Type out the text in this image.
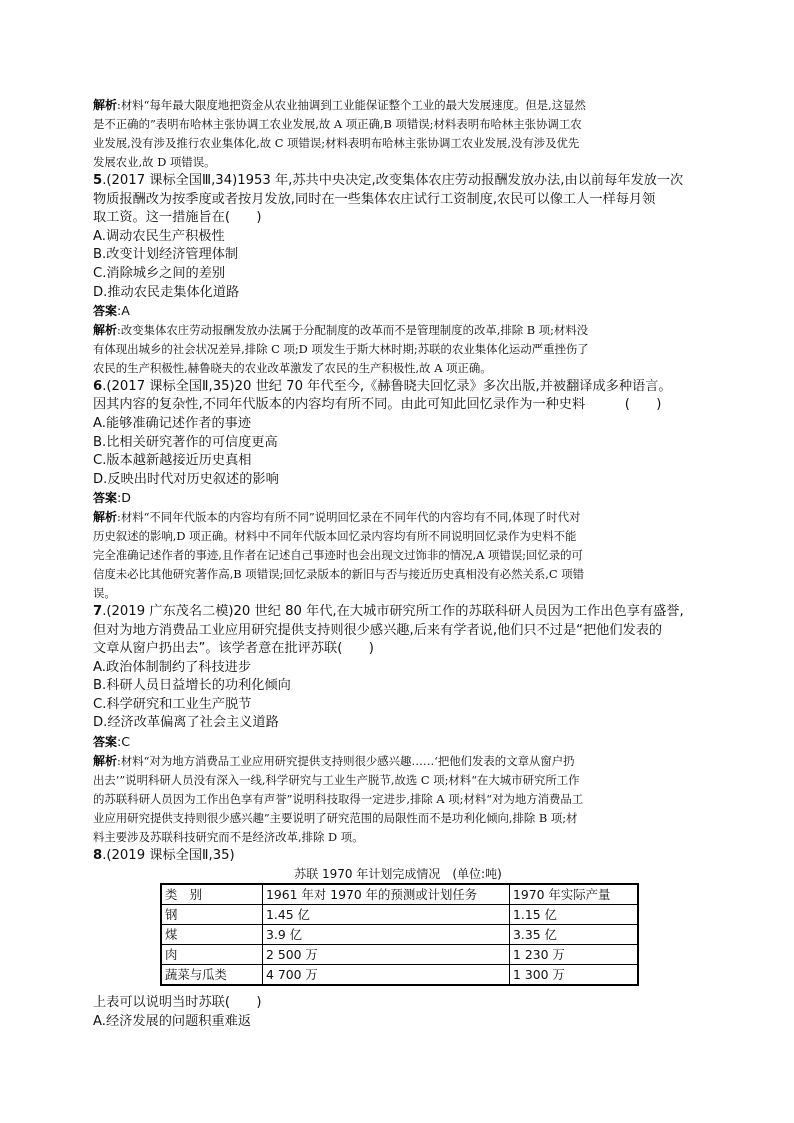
解析:材料“每年最大限度地把资金从农业抽调到工业能保证整个工业的最大发展速度。但是,这显然
是不正确的”表明布哈林主张协调工农业发展,故 A 项正确,B 项错误;材料表明布哈林主张协调工农
业发展,没有涉及推行农业集体化,故 C 项错误;材料表明布哈林主张协调工农业发展,没有涉及优先
发展农业,故 D 项错误。
5.(2017 课标全国Ⅲ,34)1953 年,苏共中央决定,改变集体农庄劳动报酬发放办法,由以前每年发放一次
物质报酬改为按季度或者按月发放,同时在一些集体农庄试行工资制度,农民可以像工人一样每月领
取工资。这一措施旨在(　　)
A.调动农民生产积极性
B.改变计划经济管理体制
C.消除城乡之间的差别
D.推动农民走集体化道路
答案:A
解析:改变集体农庄劳动报酬发放办法属于分配制度的改革而不是管理制度的改革,排除 B 项;材料没
有体现出城乡的社会状况差异,排除 C 项;D 项发生于斯大林时期;苏联的农业集体化运动严重挫伤了
农民的生产积极性,赫鲁晓夫的农业改革激发了农民的生产积极性,故 A 项正确。
6.(2017 课标全国Ⅱ,35)20 世纪 70 年代至今,《赫鲁晓夫回忆录》多次出版,并被翻译成多种语言。
因其内容的复杂性,不同年代版本的内容均有所不同。由此可知此回忆录作为一种史料　　　(　　)
A.能够准确记述作者的事迹
B.比相关研究著作的可信度更高
C.版本越新越接近历史真相
D.反映出时代对历史叙述的影响
答案:D
解析:材料“不同年代版本的内容均有所不同”说明回忆录在不同年代的内容均有不同,体现了时代对
历史叙述的影响,D 项正确。材料中不同年代版本回忆录内容均有所不同说明回忆录作为史料不能
完全准确记述作者的事迹,且作者在记述自己事迹时也会出现文过饰非的情况,A 项错误;回忆录的可
信度未必比其他研究著作高,B 项错误;回忆录版本的新旧与否与接近历史真相没有必然关系,C 项错
误。
7.(2019 广东茂名二模)20 世纪 80 年代,在大城市研究所工作的苏联科研人员因为工作出色享有盛誉,
但对为地方消费品工业应用研究提供支持则很少感兴趣,后来有学者说,他们只不过是“把他们发表的
文章从窗户扔出去”。该学者意在批评苏联(　　)
A.政治体制制约了科技进步
B.科研人员日益增长的功利化倾向
C.科学研究和工业生产脱节
D.经济改革偏离了社会主义道路
答案:C
解析:材料“对为地方消费品工业应用研究提供支持则很少感兴趣……‘把他们发表的文章从窗户扔
出去’”说明科研人员没有深入一线,科学研究与工业生产脱节,故选 C 项;材料“在大城市研究所工作
的苏联科研人员因为工作出色享有声誉”说明科技取得一定进步,排除 A 项;材料“对为地方消费品工
业应用研究提供支持则很少感兴趣”主要说明了研究范围的局限性而不是功利化倾向,排除 B 项;材
料主要涉及苏联科技研究而不是经济改革,排除 D 项。
8.(2019 课标全国Ⅱ,35)
苏联 1970 年计划完成情况　(单位:吨)
类　别	1961 年对 1970 年的预测或计划任务	1970 年实际产量
钢	1.45 亿	1.15 亿
煤	3.9 亿	3.35 亿
肉	2 500 万	1 230 万
蔬菜与瓜类	4 700 万	1 300 万
上表可以说明当时苏联(　　)
A.经济发展的问题积重难返
